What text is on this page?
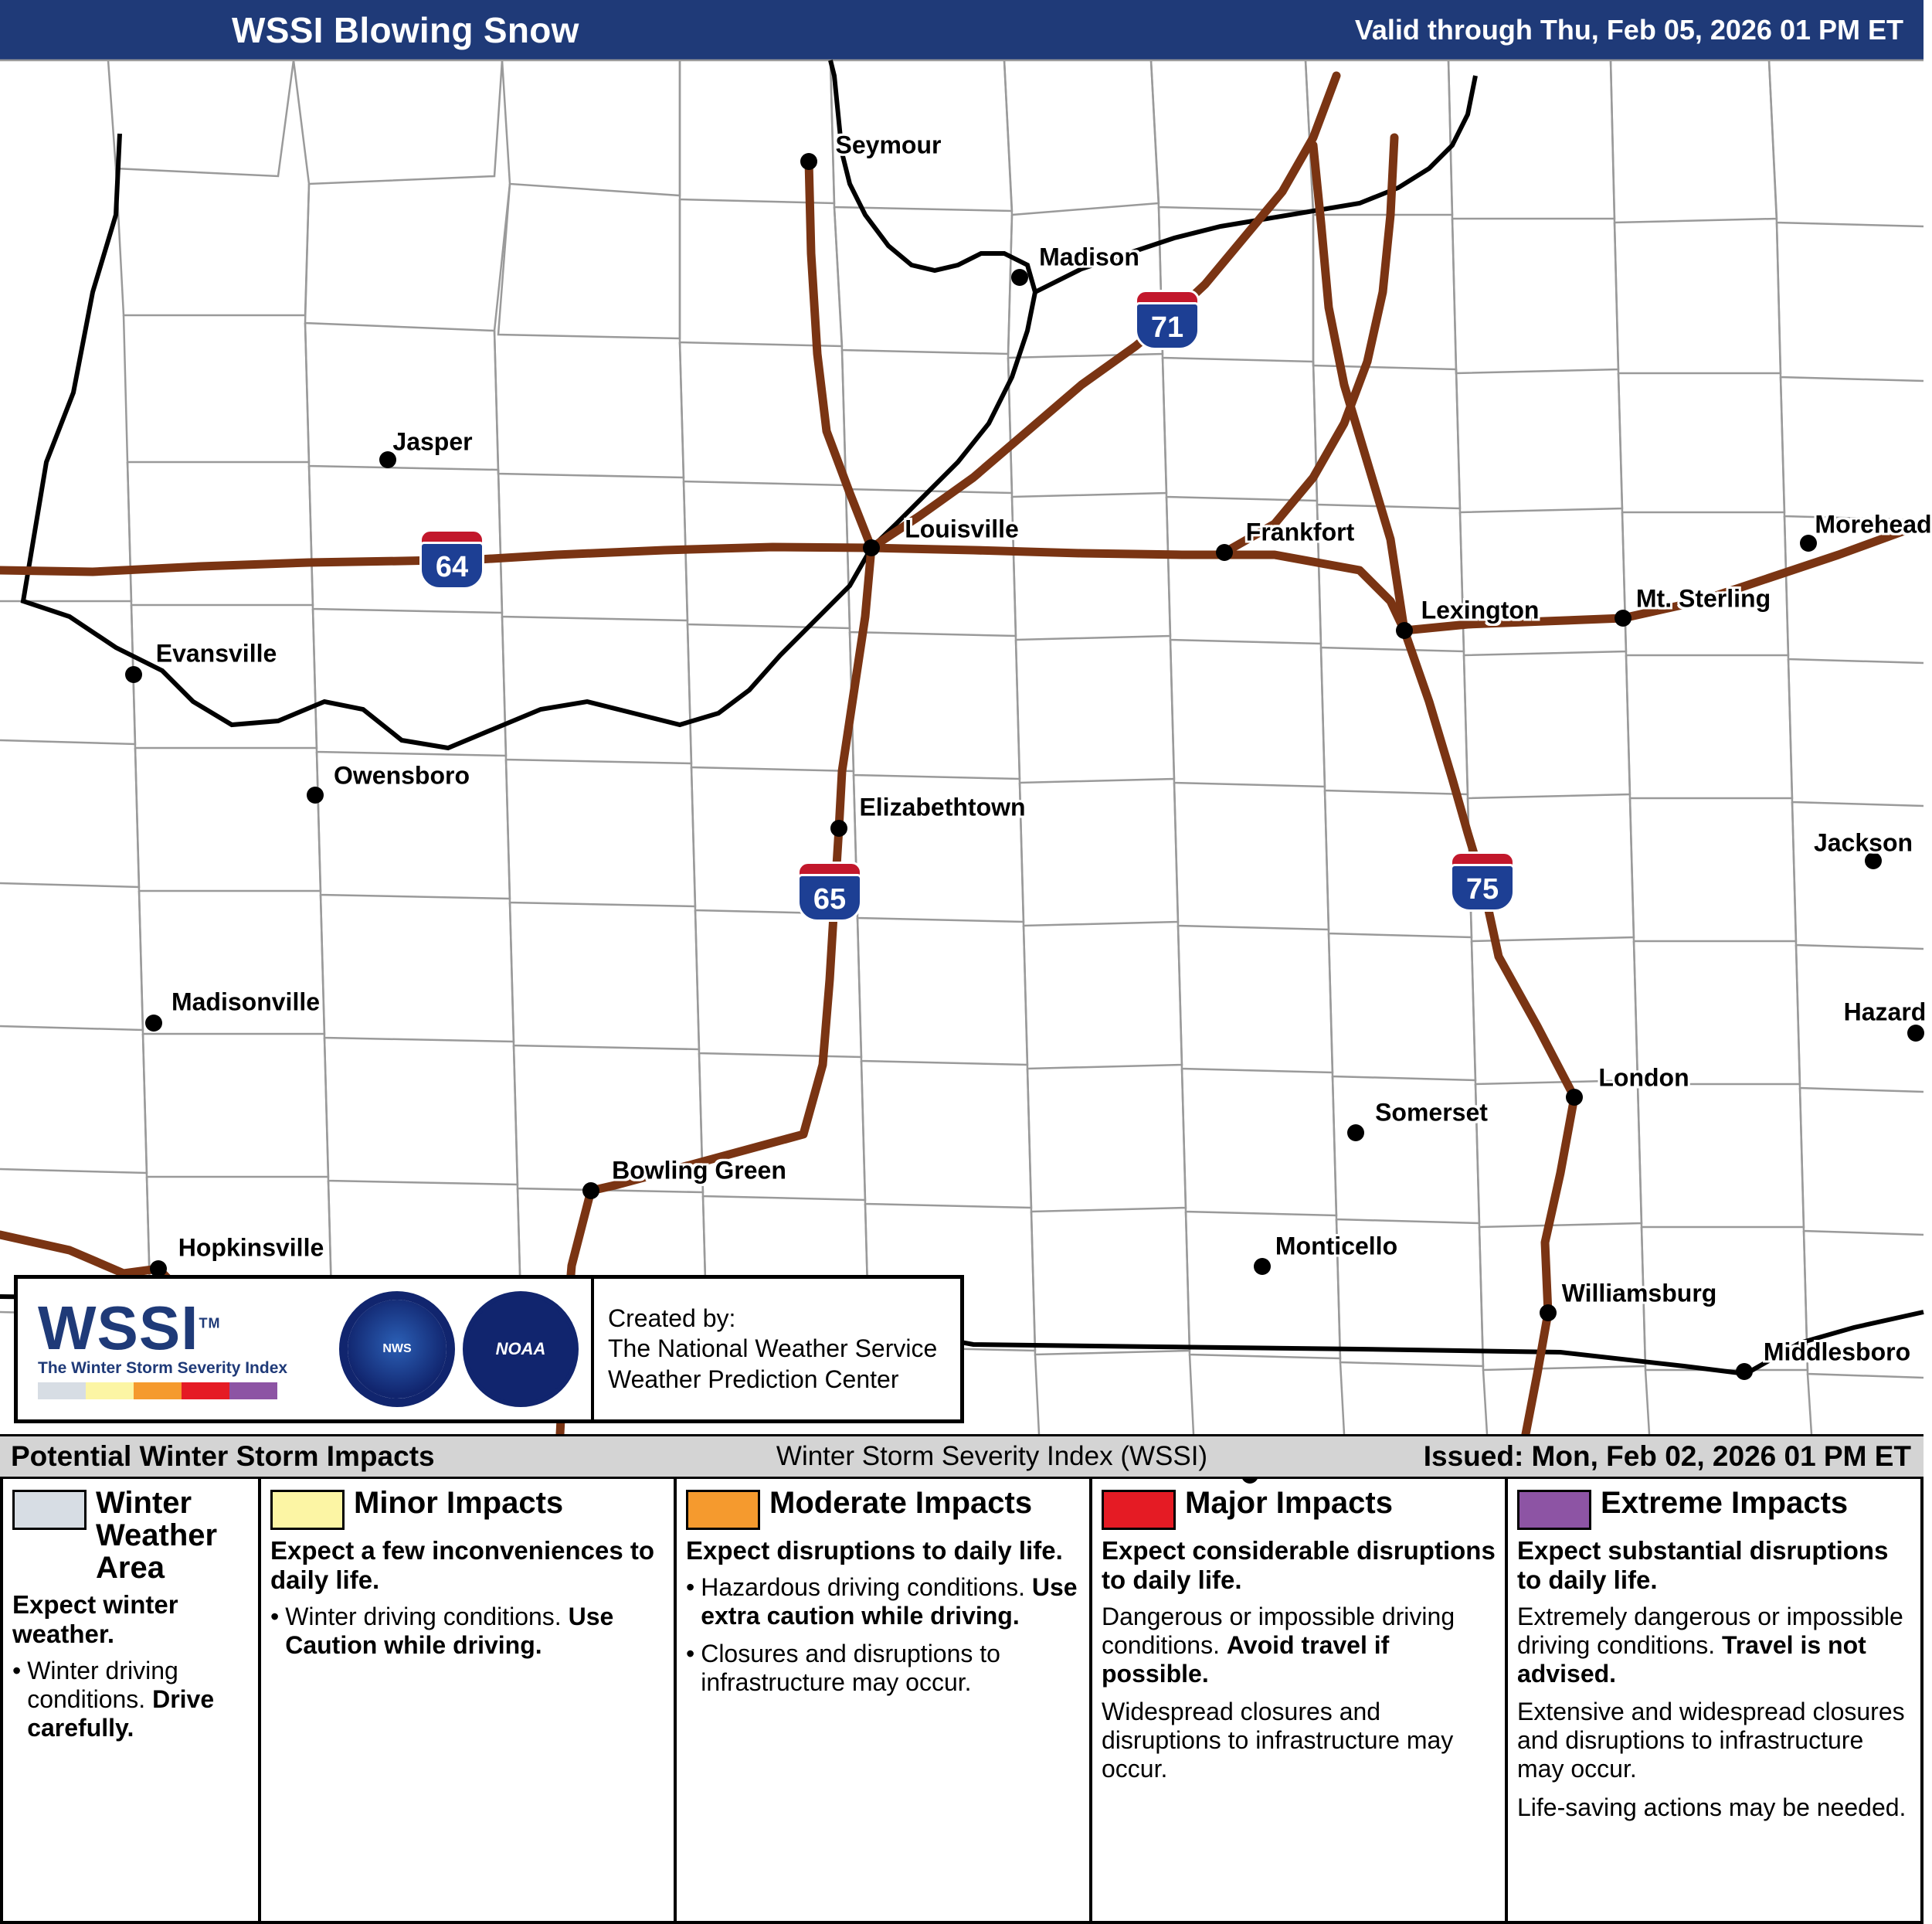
WSSI Blowing Snow	Valid through Thu, Feb 05, 2026 01 PM ET
Seymour
Madison
Jasper
Louisville	Frankfort	Morehead
Lexington	Mt. Sterling
Evansville
Owensboro
Elizabethtown
Jackson
Hazard
Madisonville
London
Somerset
Bowling Green
Monticello
Hopkinsville
Williamsburg
Middlesboro
71
64
65	75
WSSI™
The Winter Storm Severity Index
NWS	NOAA
Created by:
The National Weather Service
Weather Prediction Center
Potential Winter Storm Impacts	Winter Storm Severity Index (WSSI)	Issued: Mon, Feb 02, 2026 01 PM ET
Winter Weather Area
Expect winter weather.
• Winter driving conditions. Drive carefully.
Minor Impacts
Expect a few inconveniences to daily life.
• Winter driving conditions. Use Caution while driving.
Moderate Impacts
Expect disruptions to daily life.
• Hazardous driving conditions. Use extra caution while driving.
• Closures and disruptions to infrastructure may occur.
Major Impacts
Expect considerable disruptions to daily life.
Dangerous or impossible driving conditions. Avoid travel if possible.
Widespread closures and disruptions to infrastructure may occur.
Extreme Impacts
Expect substantial disruptions to daily life.
Extremely dangerous or impossible driving conditions. Travel is not advised.
Extensive and widespread closures and disruptions to infrastructure may occur.
Life-saving actions may be needed.
